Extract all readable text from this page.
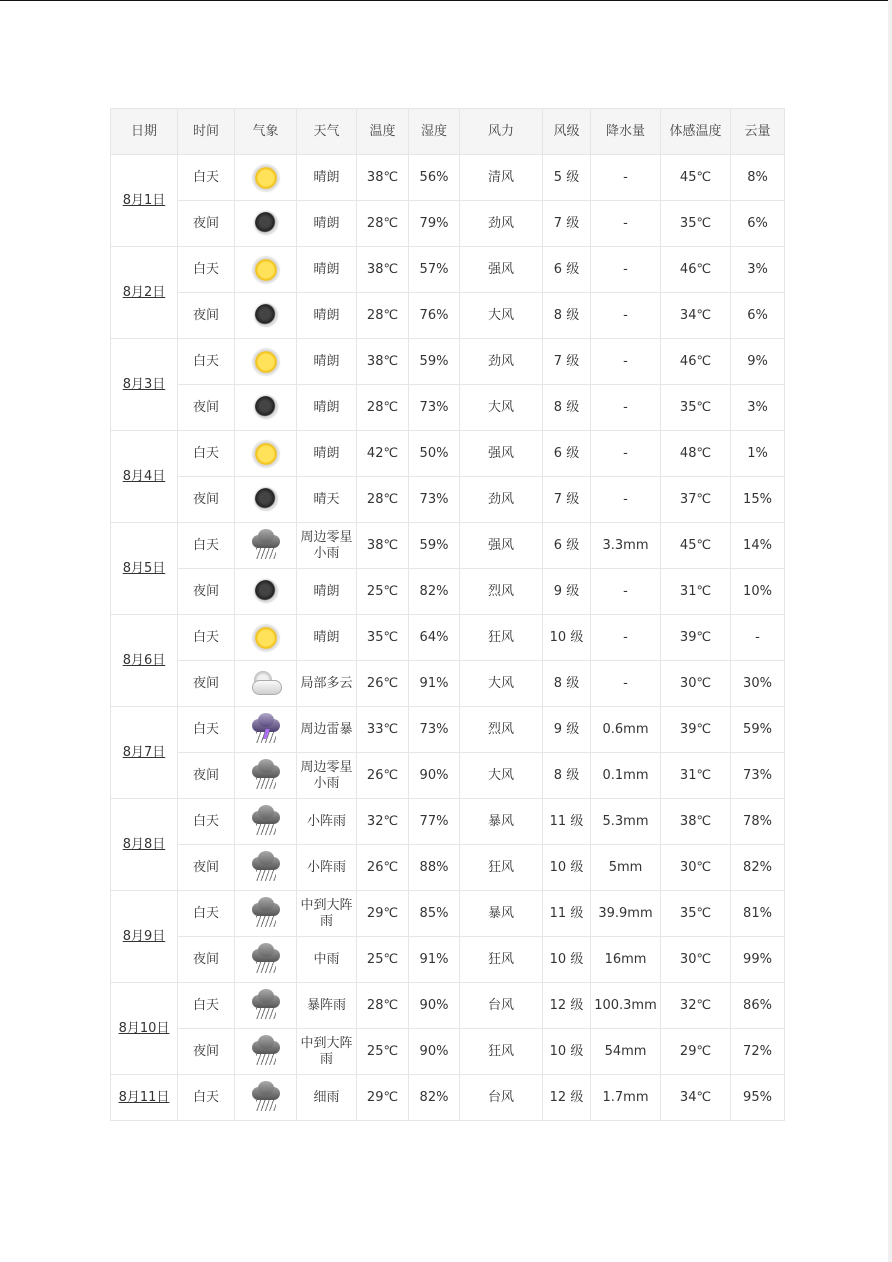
日期	时间	气象	天气	温度	湿度	风力	风级	降水量	体感温度	云量
8月1日	白天		晴朗	38℃	56%	清风	5 级	-	45℃	8%
	夜间		晴朗	28℃	79%	劲风	7 级	-	35℃	6%
8月2日	白天		晴朗	38℃	57%	强风	6 级	-	46℃	3%
	夜间		晴朗	28℃	76%	大风	8 级	-	34℃	6%
8月3日	白天		晴朗	38℃	59%	劲风	7 级	-	46℃	9%
	夜间		晴朗	28℃	73%	大风	8 级	-	35℃	3%
8月4日	白天		晴朗	42℃	50%	强风	6 级	-	48℃	1%
	夜间		晴天	28℃	73%	劲风	7 级	-	37℃	15%
8月5日	白天		周边零星小雨	38℃	59%	强风	6 级	3.3mm	45℃	14%
	夜间		晴朗	25℃	82%	烈风	9 级	-	31℃	10%
8月6日	白天		晴朗	35℃	64%	狂风	10 级	-	39℃	-
	夜间		局部多云	26℃	91%	大风	8 级	-	30℃	30%
8月7日	白天		周边雷暴	33℃	73%	烈风	9 级	0.6mm	39℃	59%
	夜间		周边零星小雨	26℃	90%	大风	8 级	0.1mm	31℃	73%
8月8日	白天		小阵雨	32℃	77%	暴风	11 级	5.3mm	38℃	78%
	夜间		小阵雨	26℃	88%	狂风	10 级	5mm	30℃	82%
8月9日	白天		中到大阵雨	29℃	85%	暴风	11 级	39.9mm	35℃	81%
	夜间		中雨	25℃	91%	狂风	10 级	16mm	30℃	99%
8月10日	白天		暴阵雨	28℃	90%	台风	12 级	100.3mm	32℃	86%
	夜间		中到大阵雨	25℃	90%	狂风	10 级	54mm	29℃	72%
8月11日	白天		细雨	29℃	82%	台风	12 级	1.7mm	34℃	95%
